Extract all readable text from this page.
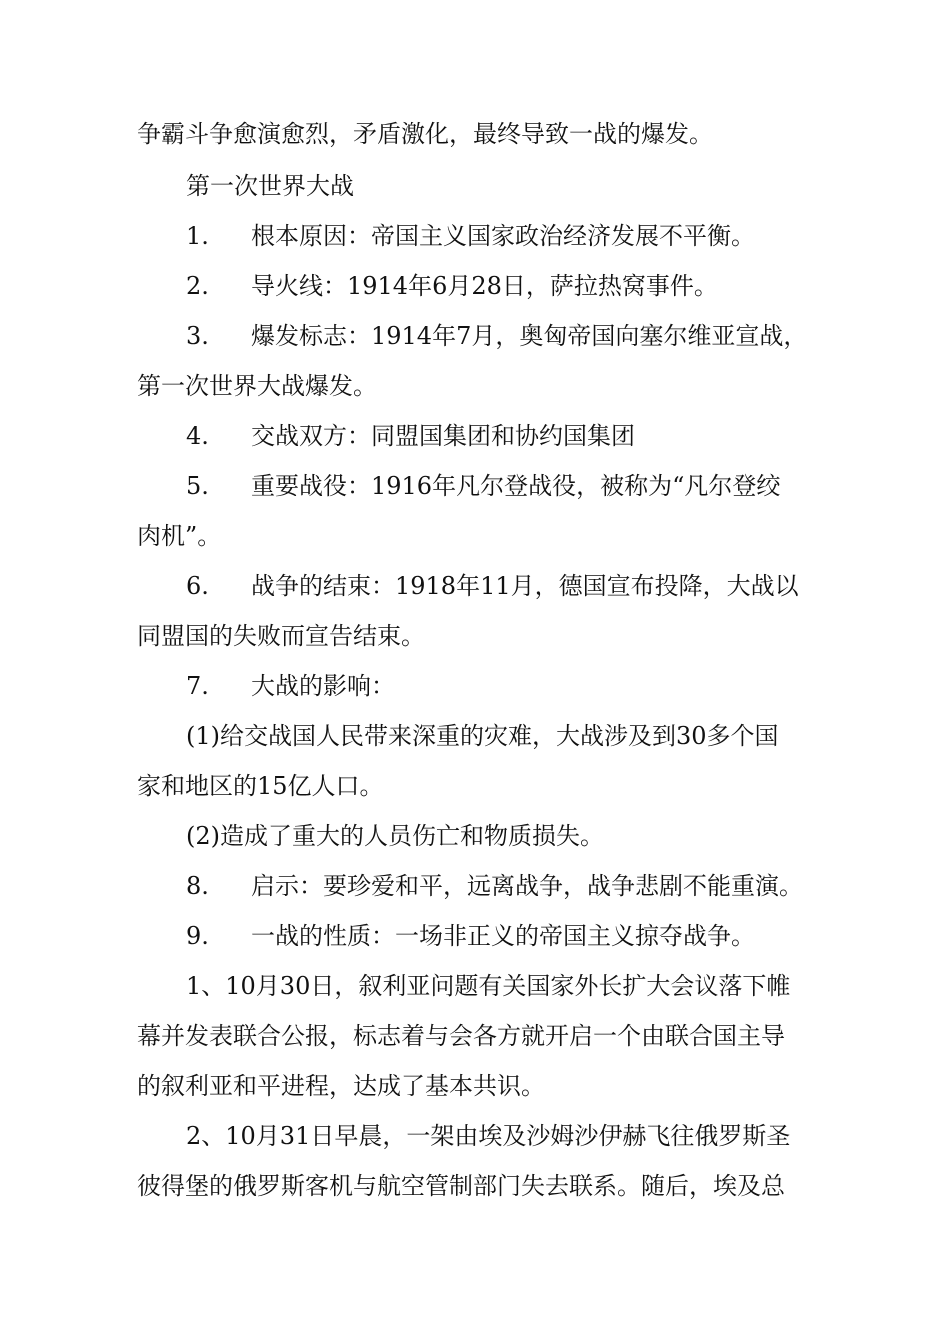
争霸斗争愈演愈烈，矛盾激化，最终导致一战的爆发。
第一次世界大战
1. 根本原因：帝国主义国家政治经济发展不平衡。
2. 导火线：1914年6月28日，萨拉热窝事件。
3. 爆发标志：1914年7月，奥匈帝国向塞尔维亚宣战，
第一次世界大战爆发。
4. 交战双方：同盟国集团和协约国集团
5. 重要战役：1916年凡尔登战役，被称为“凡尔登绞
肉机”。
6. 战争的结束：1918年11月，德国宣布投降，大战以
同盟国的失败而宣告结束。
7. 大战的影响：
(1)给交战国人民带来深重的灾难，大战涉及到30多个国
家和地区的15亿人口。
(2)造成了重大的人员伤亡和物质损失。
8. 启示：要珍爱和平，远离战争，战争悲剧不能重演。
9. 一战的性质：一场非正义的帝国主义掠夺战争。
1、10月30日，叙利亚问题有关国家外长扩大会议落下帷
幕并发表联合公报，标志着与会各方就开启一个由联合国主导
的叙利亚和平进程，达成了基本共识。
2、10月31日早晨，一架由埃及沙姆沙伊赫飞往俄罗斯圣
彼得堡的俄罗斯客机与航空管制部门失去联系。随后，埃及总
